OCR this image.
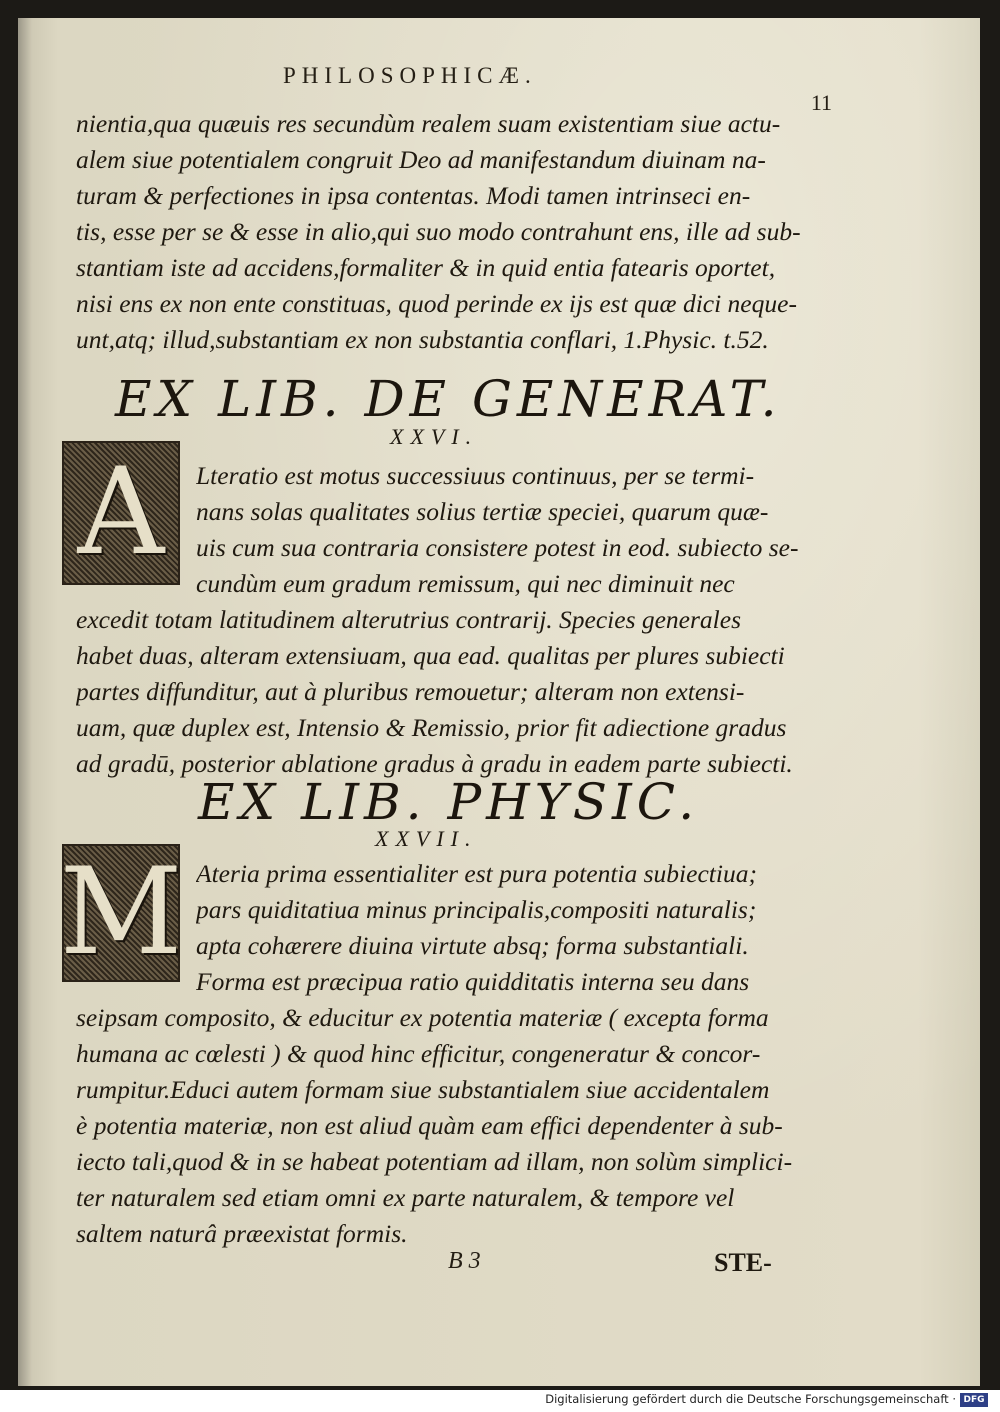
PHILOSOPHICÆ.
11
nientia,qua quæuis res secundùm realem suam existentiam siue actu-
alem siue potentialem congruit Deo ad manifestandum diuinam na-
turam & perfectiones in ipsa contentas. Modi tamen intrinseci en-
tis, esse per se & esse in alio,qui suo modo contrahunt ens, ille ad sub-
stantiam iste ad accidens,formaliter & in quid entia fatearis oportet,
nisi ens ex non ente constituas, quod perinde ex ijs est quæ dici neque-
unt,atq; illud,substantiam ex non substantia conflari, 1.Physic. t.52.
EX LIB. DE GENERAT.
XXVI.
A Lteratio est motus successiuus continuus, per se termi-
nans solas qualitates solius tertiæ speciei, quarum quæ-
uis cum sua contraria consistere potest in eod. subiecto se-
cundùm eum gradum remissum, qui nec diminuit nec
excedit totam latitudinem alterutrius contrarij. Species generales
habet duas, alteram extensiuam, qua ead. qualitas per plures subiecti
partes diffunditur, aut à pluribus remouetur; alteram non extensi-
uam, quæ duplex est, Intensio & Remissio, prior fit adiectione gradus
ad gradū, posterior ablatione gradus à gradu in eadem parte subiecti.
EX LIB. PHYSIC.
XXVII.
M Ateria prima essentialiter est pura potentia subiectiua;
pars quiditatiua minus principalis,compositi naturalis;
apta cohærere diuina virtute absq; forma substantiali.
Forma est præcipua ratio quidditatis interna seu dans
seipsam composito, & educitur ex potentia materiæ ( excepta forma
humana ac cœlesti ) & quod hinc efficitur, congeneratur & concor-
rumpitur.Educi autem formam siue substantialem siue accidentalem
è potentia materiæ, non est aliud quàm eam effici dependenter à sub-
iecto tali,quod & in se habeat potentiam ad illam, non solùm simplici-
ter naturalem sed etiam omni ex parte naturalem, & tempore vel
saltem naturâ præexistat formis.
B 3	STE-
Digitalisierung gefördert durch die Deutsche Forschungsgemeinschaft · DFG
